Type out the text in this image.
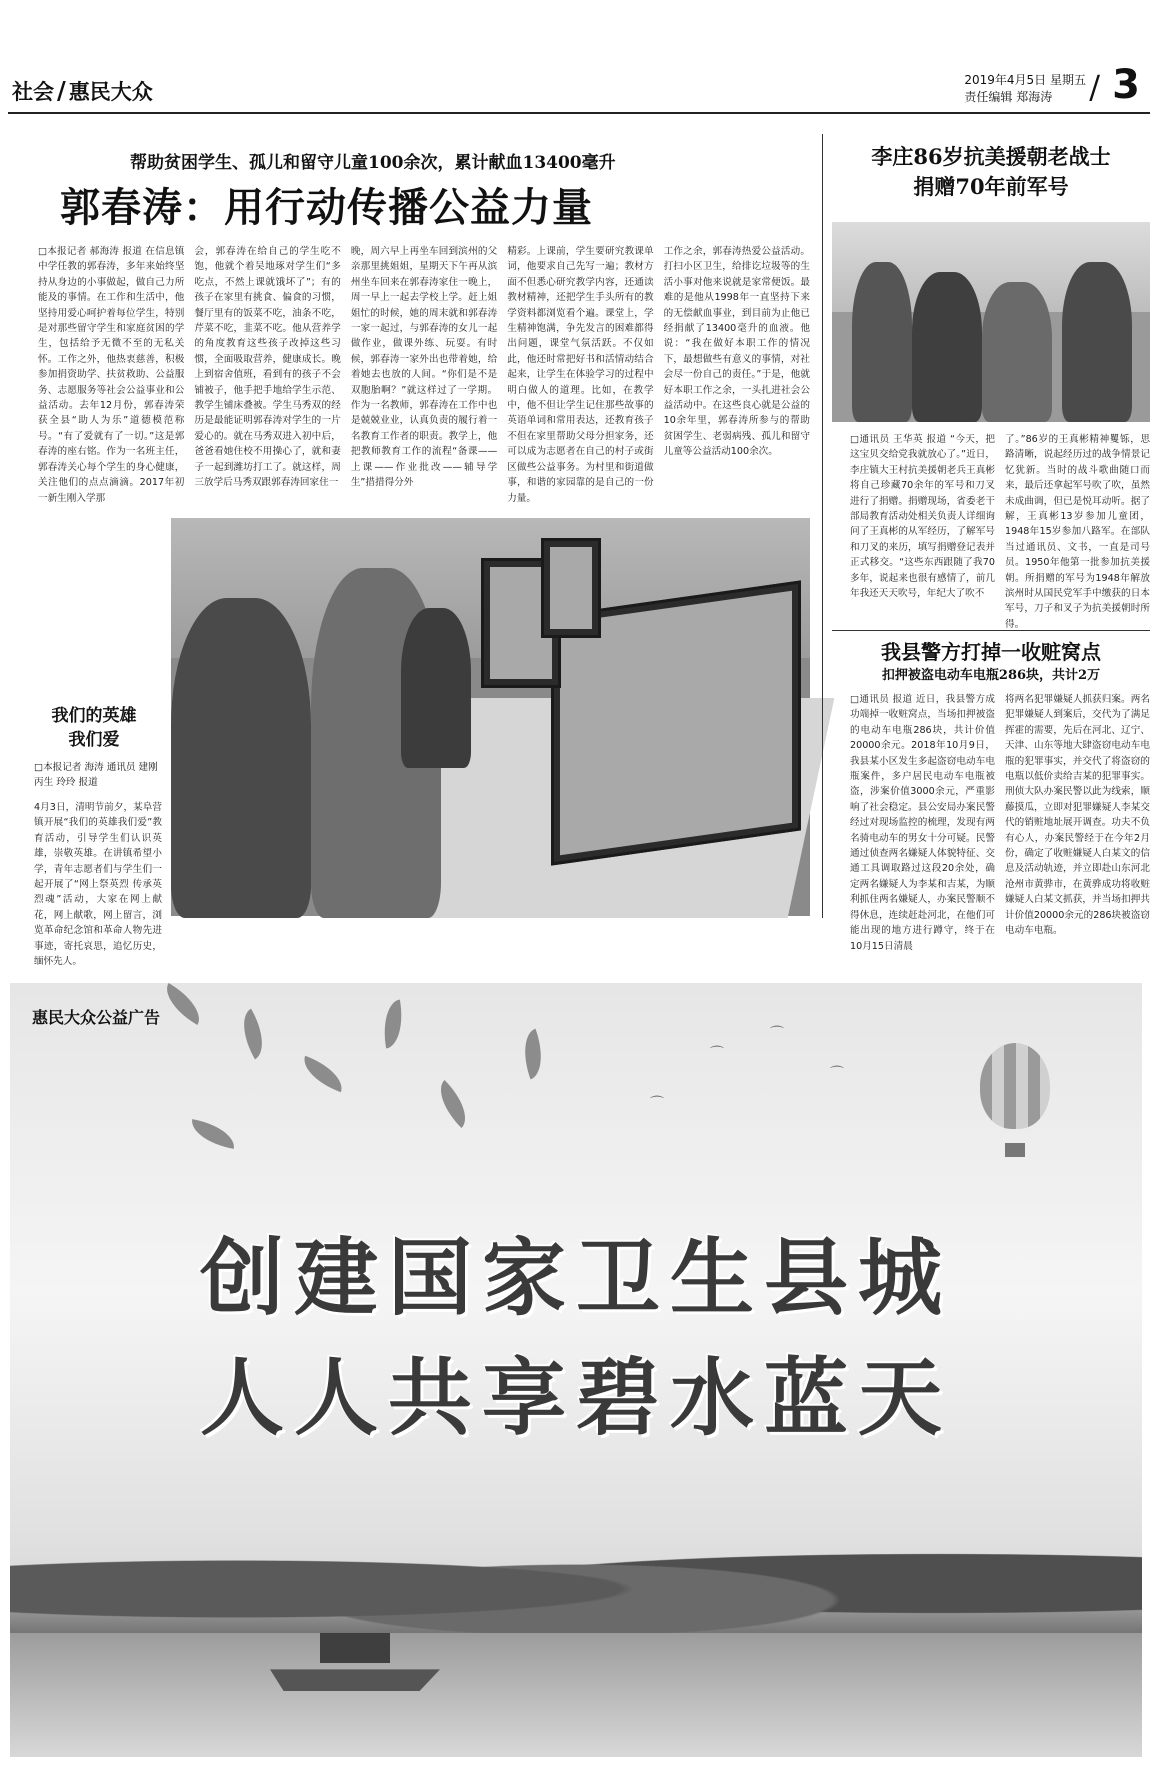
社会 / 惠民大众	2019年4月5日 星期五
责任编辑 郑海涛	/ 3
帮助贫困学生、孤儿和留守儿童100余次，累计献血13400毫升
郭春涛：用行动传播公益力量
□本报记者 郝海涛 报道 在信息镇中学任教的郭春涛，多年来始终坚持从身边的小事做起，做自己力所能及的事情。在工作和生活中，他坚持用爱心呵护着每位学生，特别是对那些留守学生和家庭贫困的学生，包括给予无微不至的无私关怀。工作之外，他热衷慈善，积极参加捐资助学、扶贫救助、公益服务、志愿服务等社会公益事业和公益活动。去年12月份，郭春涛荣获全县“助人为乐”道德模范称号。“有了爱就有了一切。”这是郭春涛的座右铭。作为一名班主任，郭春涛关心每个学生的身心健康，关注他们的点点滴滴。2017年初一新生刚入学那
会，郭春涛在给自己的学生吃不饱，他就个着吴地琢对学生们“多吃点，不然上课就饿坏了”；有的孩子在家里有挑食、偏食的习惯，餐厅里有的饭菜不吃，油条不吃，芹菜不吃，韭菜不吃。他从营养学的角度教育这些孩子改掉这些习惯，全面吸取营养，健康成长。晚上到宿舍值班，看到有的孩子不会铺被子，他手把手地给学生示范、教学生铺床叠被。学生马秀双的经历是最能证明郭春涛对学生的一片爱心的。就在马秀双进入初中后，爸爸看她住校不用操心了，就和妻子一起到潍坊打工了。就这样，周三放学后马秀双跟郭春涛回家住一
晚，周六早上再坐车回到滨州的父亲那里挑姐姐，星期天下午再从滨州坐车回来在郭春涛家住一晚上，周一早上一起去学校上学。赶上姐姐忙的时候，她的周末就和郭春涛一家一起过，与郭春涛的女儿一起做作业，做课外练、玩耍。有时候，郭春涛一家外出也带着她，给着她去也放的人间。“你们是不是双胞胎啊？”就这样过了一学期。作为一名教师，郭春涛在工作中也是兢兢业业，认真负责的履行着一名教育工作者的职责。教学上，他把教师教育工作的流程“备课——上课——作业批改——辅导学生”措措得分外
精彩。上课前，学生要研究教课单词，他要求自己先写一遍；教材方面不但悉心研究教学内容，还通读教材精神，还把学生手头所有的教学资料都浏览看个遍。课堂上，学生精神饱满，争先发言的困难都得出问题，课堂气氛活跃。不仅如此，他还时常把好书和活情动结合起来，让学生在体验学习的过程中明白做人的道理。比如，在教学中，他不但让学生记住那些故事的英语单词和常用表达，还教育孩子不但在家里帮助父母分担家务，还可以成为志愿者在自己的村子或街区做些公益事务。为村里和街道做事，和谐的家园靠的是自己的一份力量。
工作之余，郭春涛热爱公益活动。打扫小区卫生，给排讫垃圾等的生活小事对他来说就是家常便饭。最难的是他从1998年一直坚持下来的无偿献血事业，到目前为止他已经捐献了13400毫升的血液。他说：“我在做好本职工作的情况下，最想做些有意义的事情，对社会尽一份自己的责任。”于是，他就好本职工作之余，一头扎进社会公益活动中。在这些良心就是公益的10余年里，郭春涛所参与的帮助贫困学生、老弱病残、孤儿和留守儿童等公益活动100余次。
我们的英雄
我们爱
□本报记者 海涛 通讯员 建刚 丙生 玲玲 报道
4月3日，清明节前夕，某阜营镇开展“我们的英雄我们爱”教育活动，引导学生们认识英雄，崇敬英雄。在讲镇希望小学，青年志愿者们与学生们一起开展了“网上祭英烈 传承英烈魂”活动，大家在网上献花，网上献歌，网上留言，浏览革命纪念馆和革命人物先进事迹，寄托哀思，追忆历史，缅怀先人。
李庄86岁抗美援朝老战士
捐赠70年前军号
□通讯员 王华英 报道 “今天，把这宝贝交给党我就放心了。”近日，李庄镇大王村抗美援朝老兵王真彬将自己珍藏70余年的军号和刀叉进行了捐赠。捐赠现场，省委老干部局教育活动处相关负责人详细询问了王真彬的从军经历，了解军号和刀叉的来历，填写捐赠登记表并正式移交。“这些东西跟随了我70多年，说起来也很有感情了，前几年我还天天吹号，年纪大了吹不
了。”86岁的王真彬精神矍铄，思路清晰，说起经历过的战争情景记忆犹新。当时的战斗歌曲随口而来，最后还拿起军号吹了吹，虽然未成曲调，但已是悦耳动听。据了解，王真彬13岁参加儿童团，1948年15岁参加八路军。在部队当过通讯员、文书，一直是司号员。1950年他第一批参加抗美援朝。所捐赠的军号为1948年解放滨州时从国民党军手中缴获的日本军号，刀子和叉子为抗美援朝时所得。
我县警方打掉一收赃窝点
扣押被盗电动车电瓶286块，共计2万
□通讯员 报道 近日，我县警方成功端掉一收赃窝点，当场扣押被盗的电动车电瓶286块，共计价值20000余元。2018年10月9日，我县某小区发生多起盗窃电动车电瓶案件，多户居民电动车电瓶被盗，涉案价值3000余元，严重影响了社会稳定。县公安局办案民警经过对现场监控的梳理，发现有两名骑电动车的男女十分可疑。民警通过侦查两名嫌疑人体貌特征、交通工具调取路过这段20余处，确定两名嫌疑人为李某和吉某，为顺利抓住两名嫌疑人，办案民警顺不得休息，连续赶赴河北，在他们可能出现的地方进行蹲守，终于在10月15日清晨
将两名犯罪嫌疑人抓获归案。两名犯罪嫌疑人到案后，交代为了满足挥霍的需要，先后在河北、辽宁、天津、山东等地大肆盗窃电动车电瓶的犯罪事实，并交代了将盗窃的电瓶以低价卖给吉某的犯罪事实。刑侦大队办案民警以此为线索，顺藤摸瓜，立即对犯罪嫌疑人李某交代的销赃地址展开调查。功夫不负有心人，办案民警经于在今年2月份，确定了收赃嫌疑人白某文的信息及活动轨迹，并立即赴山东河北沧州市黄骅市，在黄骅成功将收赃嫌疑人白某文抓获，并当场扣押共计价值20000余元的286块被盗窃电动车电瓶。
惠民大众公益广告
⌒
⌒
⌒
⌒
创建国家卫生县城
人人共享碧水蓝天
